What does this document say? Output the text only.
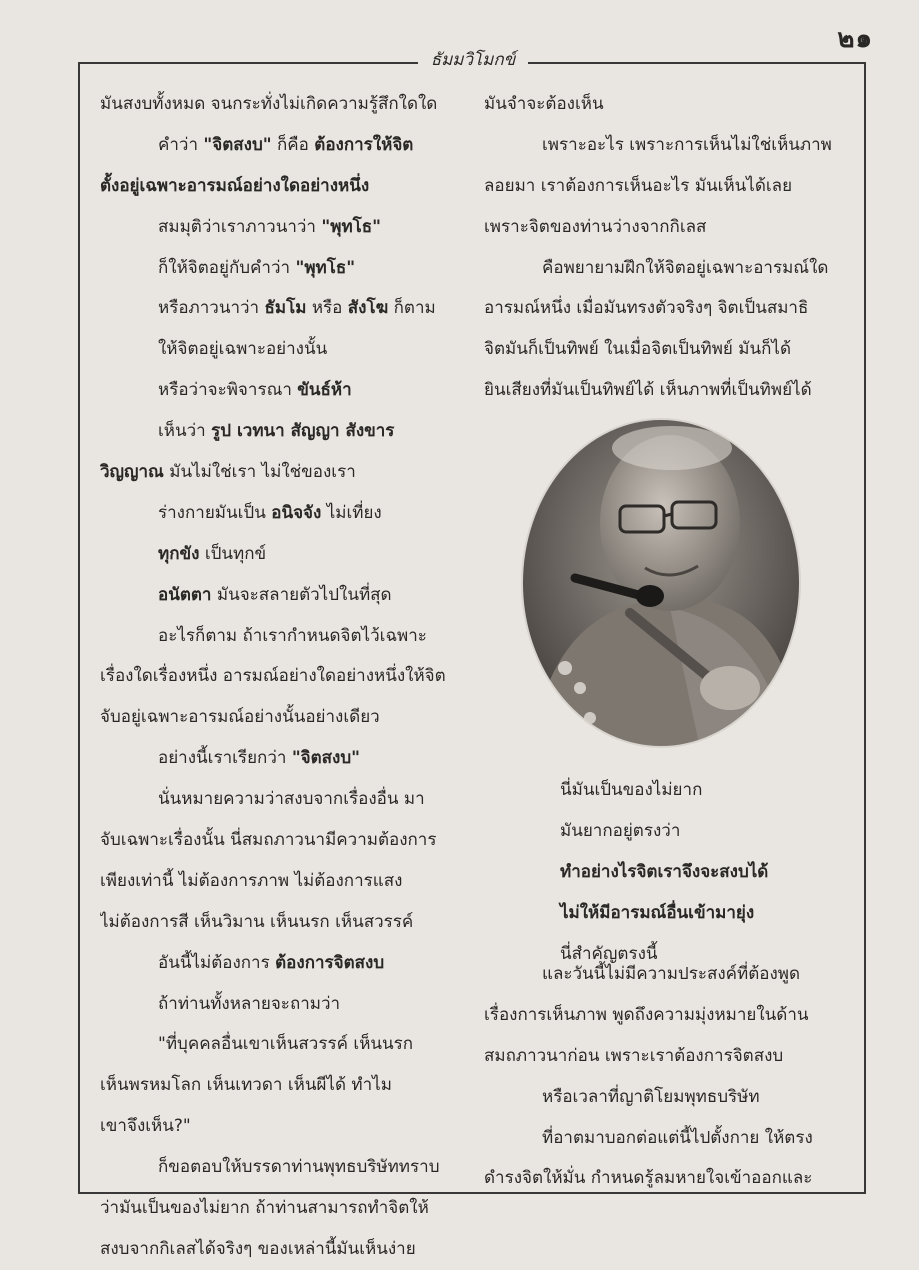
๒๑
ธัมมวิโมกข์
มันสงบทั้งหมด จนกระทั่งไม่เกิดความรู้สึกใดใด
คำว่า "จิตสงบ" ก็คือ ต้องการให้จิต
ตั้งอยู่เฉพาะอารมณ์อย่างใดอย่างหนึ่ง
สมมุติว่าเราภาวนาว่า "พุทโธ"
ก็ให้จิตอยู่กับคำว่า "พุทโธ"
หรือภาวนาว่า ธัมโม หรือ สังโฆ ก็ตาม
ให้จิตอยู่เฉพาะอย่างนั้น
หรือว่าจะพิจารณา ขันธ์ห้า
เห็นว่า รูป เวทนา สัญญา สังขาร
วิญญาณ มันไม่ใช่เรา ไม่ใช่ของเรา
ร่างกายมันเป็น อนิจจัง ไม่เที่ยง
ทุกขัง เป็นทุกข์
อนัตตา มันจะสลายตัวไปในที่สุด
อะไรก็ตาม ถ้าเรากำหนดจิตไว้เฉพาะ
เรื่องใดเรื่องหนึ่ง อารมณ์อย่างใดอย่างหนึ่งให้จิต
จับอยู่เฉพาะอารมณ์อย่างนั้นอย่างเดียว
อย่างนี้เราเรียกว่า "จิตสงบ"
นั่นหมายความว่าสงบจากเรื่องอื่น มา
จับเฉพาะเรื่องนั้น นี่สมถภาวนามีความต้องการ
เพียงเท่านี้ ไม่ต้องการภาพ ไม่ต้องการแสง
ไม่ต้องการสี เห็นวิมาน เห็นนรก เห็นสวรรค์
อันนี้ไม่ต้องการ ต้องการจิตสงบ
ถ้าท่านทั้งหลายจะถามว่า
"ที่บุคคลอื่นเขาเห็นสวรรค์ เห็นนรก
เห็นพรหมโลก เห็นเทวดา เห็นผีได้ ทำไม
เขาจึงเห็น?"
ก็ขอตอบให้บรรดาท่านพุทธบริษัททราบ
ว่ามันเป็นของไม่ยาก ถ้าท่านสามารถทำจิตให้
สงบจากกิเลสได้จริงๆ ของเหล่านี้มันเห็นง่าย
มันจำจะต้องเห็น
เพราะอะไร เพราะการเห็นไม่ใช่เห็นภาพ
ลอยมา เราต้องการเห็นอะไร มันเห็นได้เลย
เพราะจิตของท่านว่างจากกิเลส
คือพยายามฝึกให้จิตอยู่เฉพาะอารมณ์ใด
อารมณ์หนึ่ง เมื่อมันทรงตัวจริงๆ จิตเป็นสมาธิ
จิตมันก็เป็นทิพย์ ในเมื่อจิตเป็นทิพย์ มันก็ได้
ยินเสียงที่มันเป็นทิพย์ได้ เห็นภาพที่เป็นทิพย์ได้
นี่มันเป็นของไม่ยาก
มันยากอยู่ตรงว่า
ทำอย่างไรจิตเราจึงจะสงบได้
ไม่ให้มีอารมณ์อื่นเข้ามายุ่ง
นี่สำคัญตรงนี้
และวันนี้ไม่มีความประสงค์ที่ต้องพูด
เรื่องการเห็นภาพ พูดถึงความมุ่งหมายในด้าน
สมถภาวนาก่อน เพราะเราต้องการจิตสงบ
หรือเวลาที่ญาติโยมพุทธบริษัท
ที่อาตมาบอกต่อแต่นี้ไปตั้งกาย ให้ตรง
ดำรงจิตให้มั่น กำหนดรู้ลมหายใจเข้าออกและ
